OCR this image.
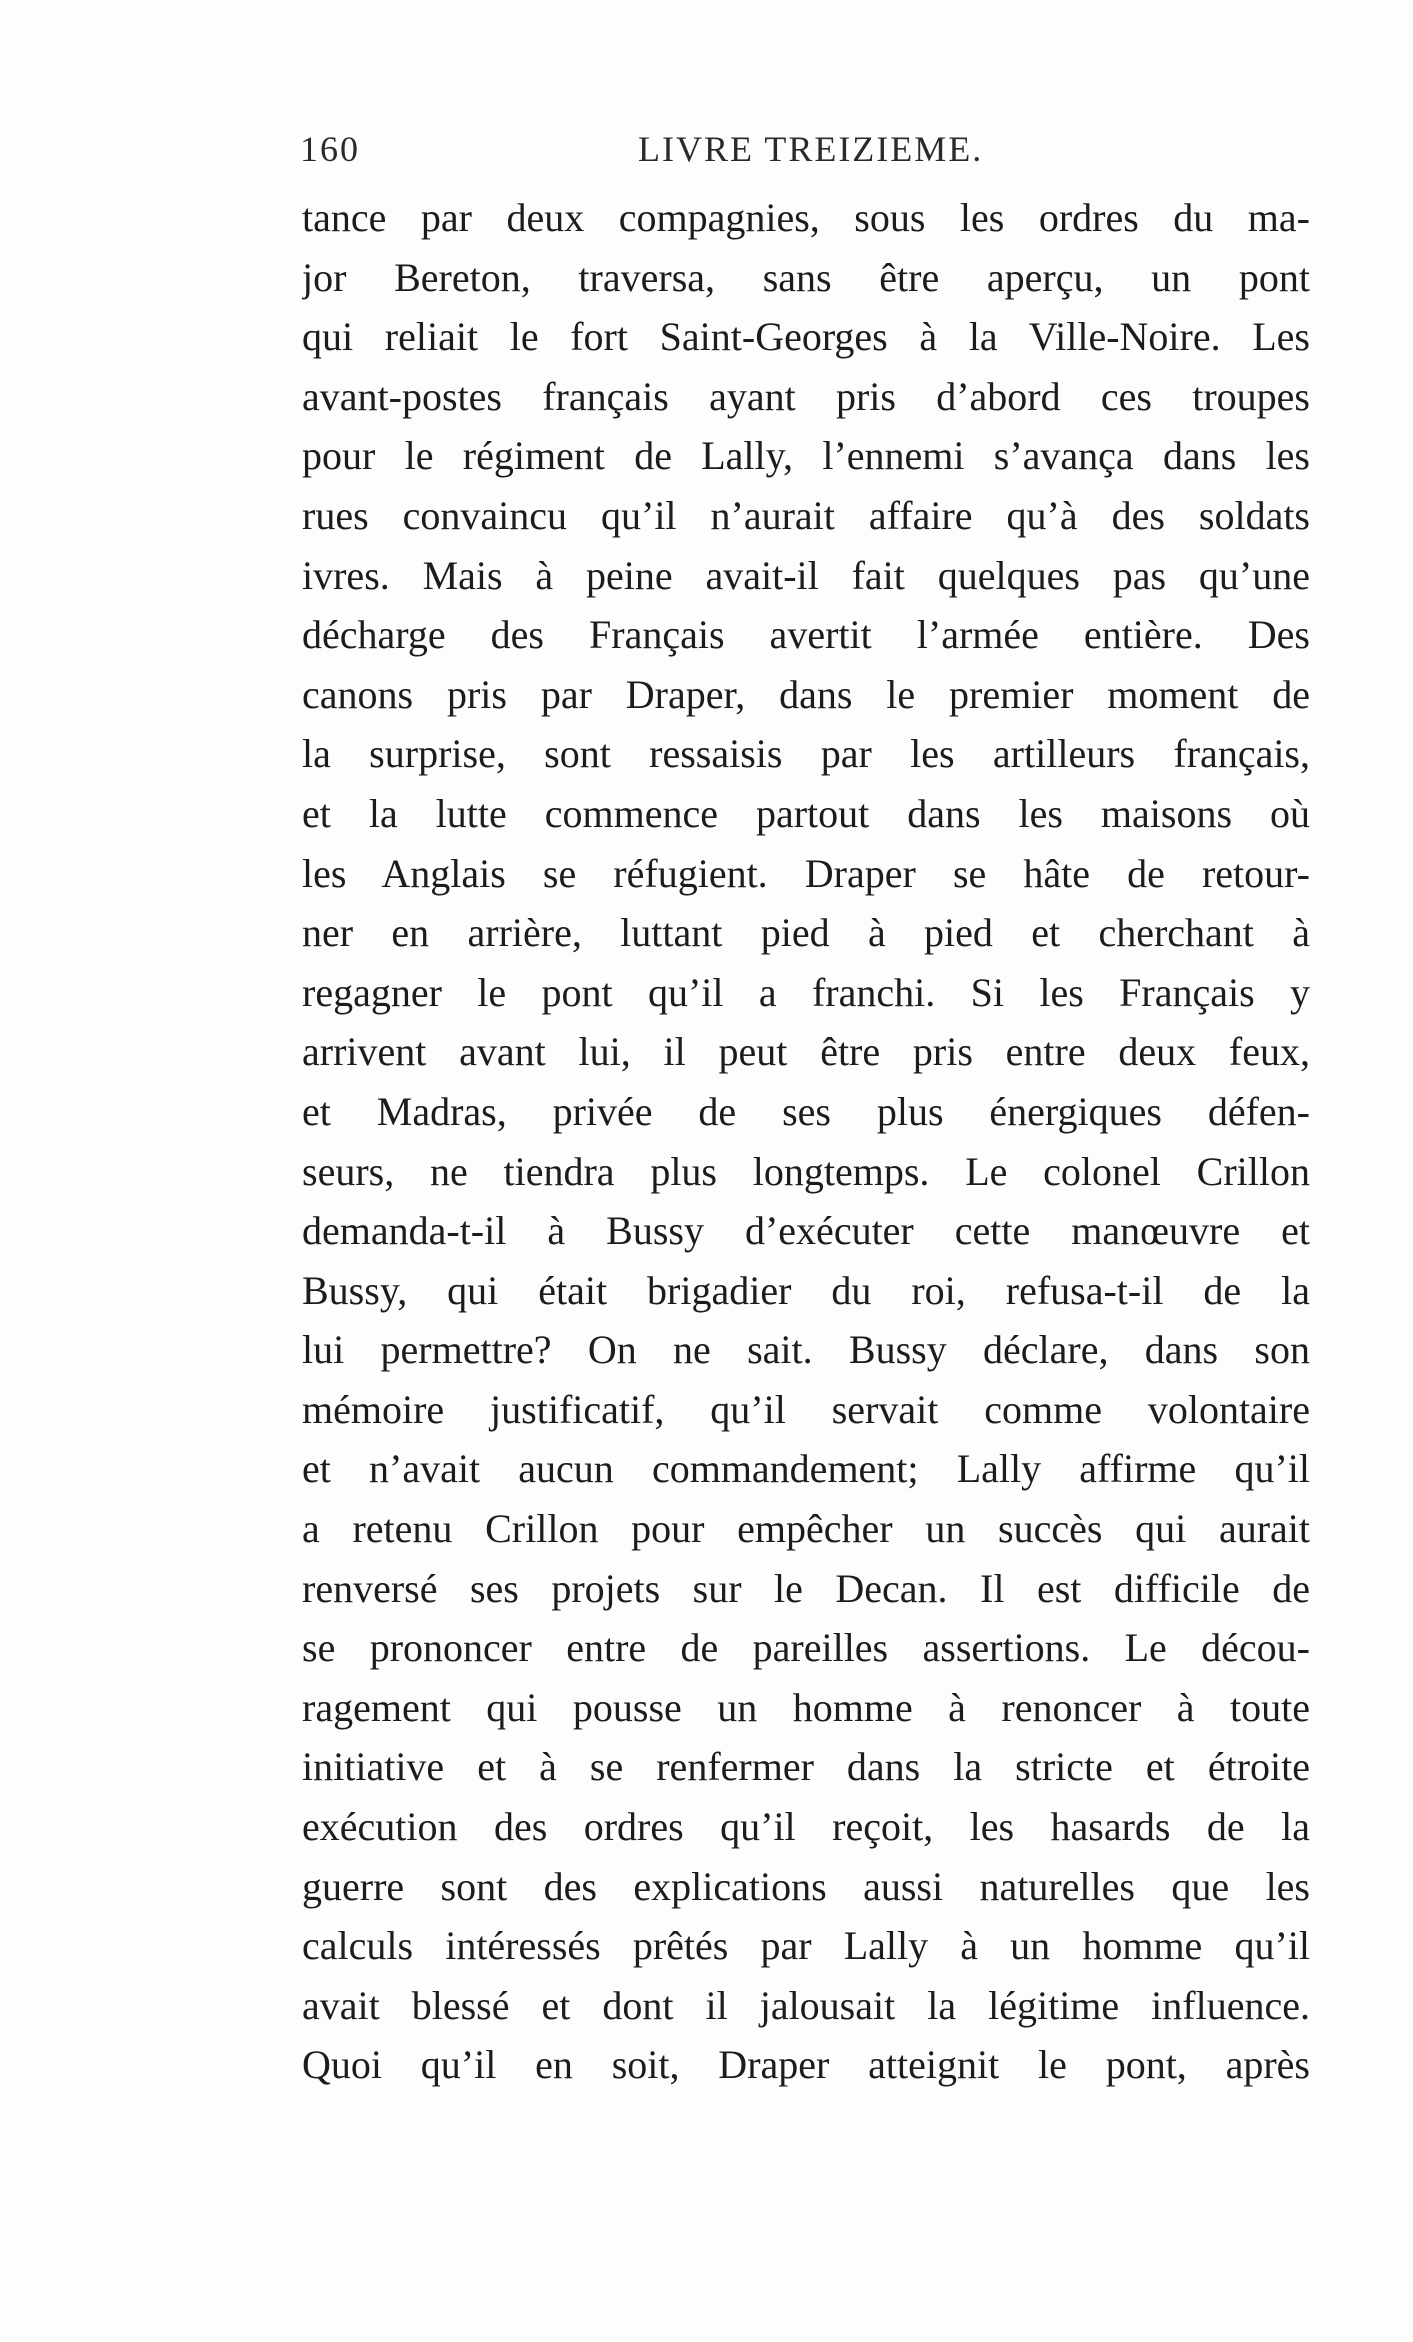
160	LIVRE TREIZIEME.
tance par deux compagnies, sous les ordres du ma-
jor Bereton, traversa, sans être aperçu, un pont
qui reliait le fort Saint-Georges à la Ville-Noire. Les
avant-postes français ayant pris d’abord ces troupes
pour le régiment de Lally, l’ennemi s’avança dans les
rues convaincu qu’il n’aurait affaire qu’à des soldats
ivres. Mais à peine avait-il fait quelques pas qu’une
décharge des Français avertit l’armée entière. Des
canons pris par Draper, dans le premier moment de
la surprise, sont ressaisis par les artilleurs français,
et la lutte commence partout dans les maisons où
les Anglais se réfugient. Draper se hâte de retour-
ner en arrière, luttant pied à pied et cherchant à
regagner le pont qu’il a franchi. Si les Français y
arrivent avant lui, il peut être pris entre deux feux,
et Madras, privée de ses plus énergiques défen-
seurs, ne tiendra plus longtemps. Le colonel Crillon
demanda-t-il à Bussy d’exécuter cette manœuvre et
Bussy, qui était brigadier du roi, refusa-t-il de la
lui permettre? On ne sait. Bussy déclare, dans son
mémoire justificatif, qu’il servait comme volontaire
et n’avait aucun commandement; Lally affirme qu’il
a retenu Crillon pour empêcher un succès qui aurait
renversé ses projets sur le Decan. Il est difficile de
se prononcer entre de pareilles assertions. Le décou-
ragement qui pousse un homme à renoncer à toute
initiative et à se renfermer dans la stricte et étroite
exécution des ordres qu’il reçoit, les hasards de la
guerre sont des explications aussi naturelles que les
calculs intéressés prêtés par Lally à un homme qu’il
avait blessé et dont il jalousait la légitime influence.
Quoi qu’il en soit, Draper atteignit le pont, après
